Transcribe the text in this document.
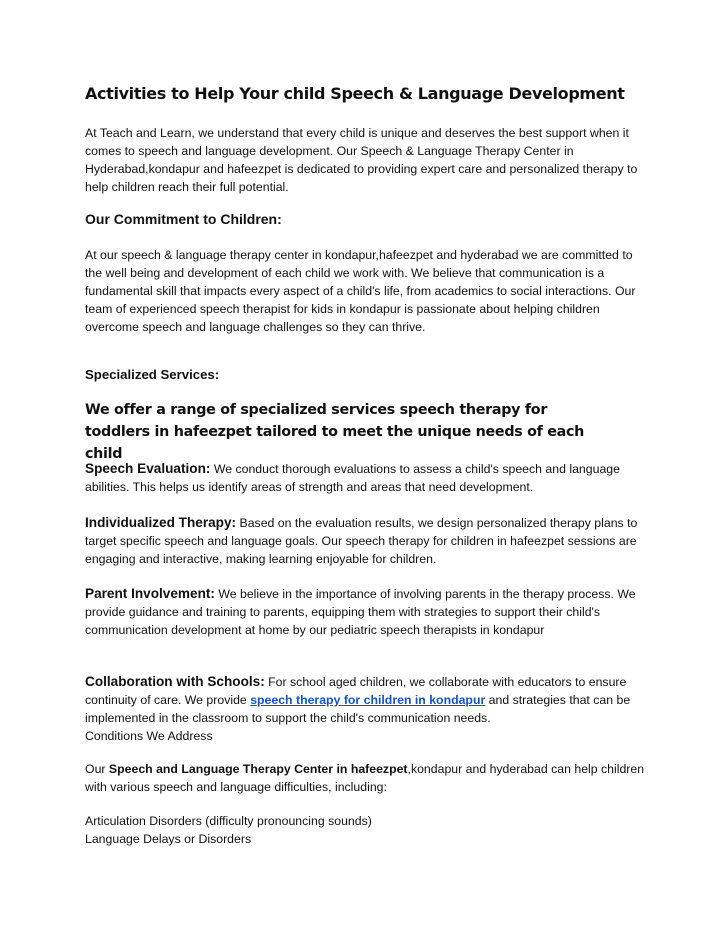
Activities to Help Your child Speech & Language Development
At Teach and Learn, we understand that every child is unique and deserves the best support when it comes to speech and language development. Our Speech & Language Therapy Center in Hyderabad,kondapur and hafeezpet is dedicated to providing expert care and personalized therapy to help children reach their full potential.
Our Commitment to Children:
At our speech & language therapy center in kondapur,hafeezpet and hyderabad we are committed to the well being and development of each child we work with. We believe that communication is a fundamental skill that impacts every aspect of a child's life, from academics to social interactions. Our team of experienced speech therapist for kids in kondapur is passionate about helping children overcome speech and language challenges so they can thrive.
Specialized Services:
We offer a range of specialized services speech therapy for toddlers in hafeezpet tailored to meet the unique needs of each child
Speech Evaluation: We conduct thorough evaluations to assess a child's speech and language abilities. This helps us identify areas of strength and areas that need development.
Individualized Therapy: Based on the evaluation results, we design personalized therapy plans to target specific speech and language goals. Our speech therapy for children in hafeezpet sessions are engaging and interactive, making learning enjoyable for children.
Parent Involvement: We believe in the importance of involving parents in the therapy process. We provide guidance and training to parents, equipping them with strategies to support their child's communication development at home by our pediatric speech therapists in kondapur
Collaboration with Schools: For school aged children, we collaborate with educators to ensure continuity of care. We provide speech therapy for children in kondapur and strategies that can be implemented in the classroom to support the child's communication needs.
Conditions We Address
Our Speech and Language Therapy Center in hafeezpet,kondapur and hyderabad can help children with various speech and language difficulties, including:
Articulation Disorders (difficulty pronouncing sounds)
Language Delays or Disorders
